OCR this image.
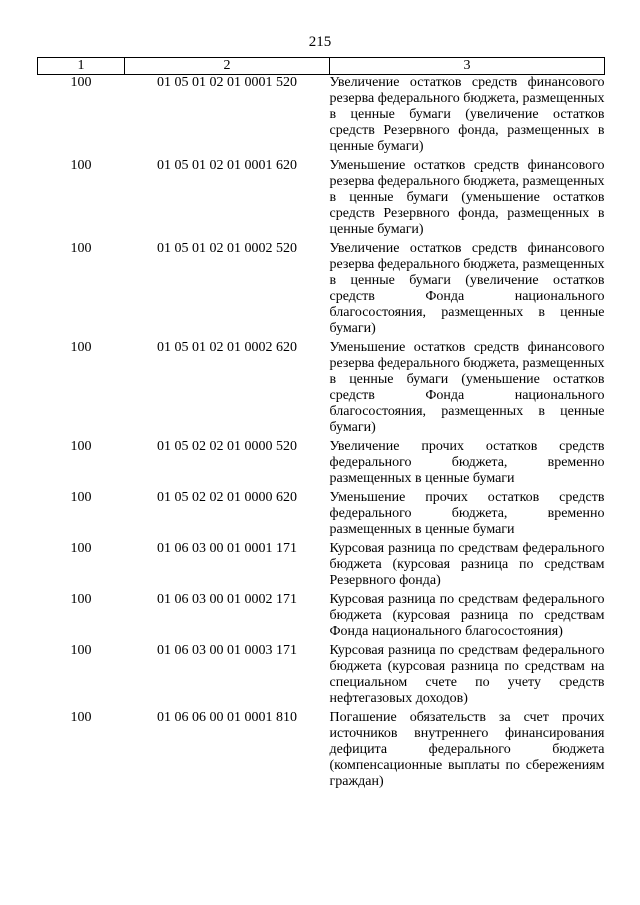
215
1	2	3
100	01 05 01 02 01 0001 520	Увеличение остатков средств финансового резерва федерального бюджета, размещенных в ценные бумаги (увеличение остатков средств Резервного фонда, размещенных в ценные бумаги)
100	01 05 01 02 01 0001 620	Уменьшение остатков средств финансового резерва федерального бюджета, размещенных в ценные бумаги (уменьшение остатков средств Резервного фонда, размещенных в ценные бумаги)
100	01 05 01 02 01 0002 520	Увеличение остатков средств финансового резерва федерального бюджета, размещенных в ценные бумаги (увеличение остатков средств Фонда национального благосостояния, размещенных в ценные бумаги)
100	01 05 01 02 01 0002 620	Уменьшение остатков средств финансового резерва федерального бюджета, размещенных в ценные бумаги (уменьшение остатков средств Фонда национального благосостояния, размещенных в ценные бумаги)
100	01 05 02 02 01 0000 520	Увеличение прочих остатков средств федерального бюджета, временно размещенных в ценные бумаги
100	01 05 02 02 01 0000 620	Уменьшение прочих остатков средств федерального бюджета, временно размещенных в ценные бумаги
100	01 06 03 00 01 0001 171	Курсовая разница по средствам федерального бюджета (курсовая разница по средствам Резервного фонда)
100	01 06 03 00 01 0002 171	Курсовая разница по средствам федерального бюджета (курсовая разница по средствам Фонда национального благосостояния)
100	01 06 03 00 01 0003 171	Курсовая разница по средствам федерального бюджета (курсовая разница по средствам на специальном счете по учету средств нефтегазовых доходов)
100	01 06 06 00 01 0001 810	Погашение обязательств за счет прочих источников внутреннего финансирования дефицита федерального бюджета (компенсационные выплаты по сбережениям граждан)
